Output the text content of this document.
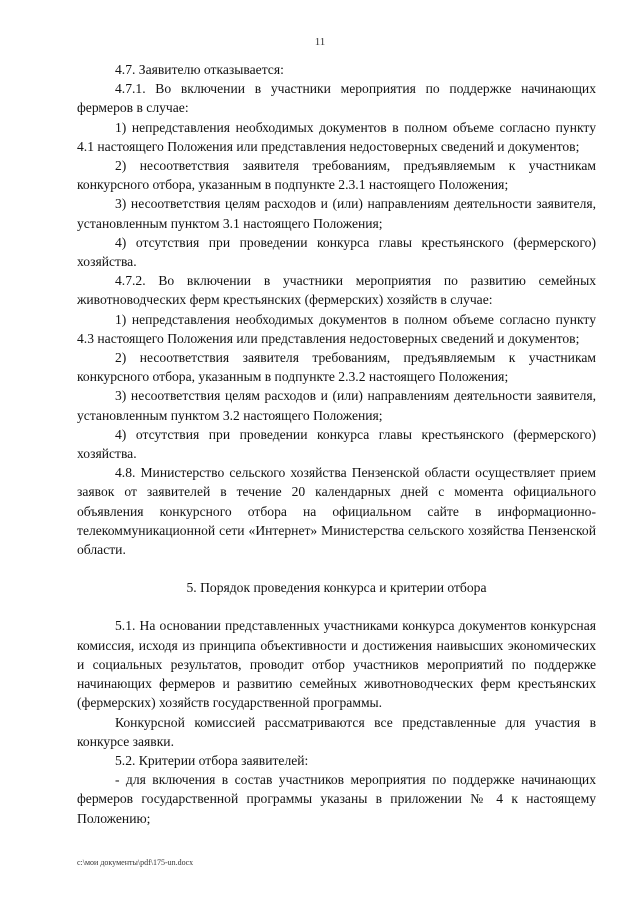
11

4.7. Заявителю отказывается:

4.7.1. Во включении в участники мероприятия по поддержке начинающих фермеров в случае:

1) непредставления необходимых документов в полном объеме согласно пункту 4.1 настоящего Положения или представления недостоверных сведений и документов;

2) несоответствия заявителя требованиям, предъявляемым к участникам конкурсного отбора, указанным в подпункте 2.3.1 настоящего Положения;

3) несоответствия целям расходов и (или) направлениям деятельности заявителя, установленным пунктом 3.1 настоящего Положения;

4) отсутствия при проведении конкурса главы крестьянского (фермерского) хозяйства.

4.7.2. Во включении в участники мероприятия по развитию семейных животноводческих ферм крестьянских (фермерских) хозяйств в случае:

1) непредставления необходимых документов в полном объеме согласно пункту 4.3 настоящего Положения или представления недостоверных сведений и документов;

2) несоответствия заявителя требованиям, предъявляемым к участникам конкурсного отбора, указанным в подпункте 2.3.2 настоящего Положения;

3) несоответствия целям расходов и (или) направлениям деятельности заявителя, установленным пунктом 3.2 настоящего Положения;

4) отсутствия при проведении конкурса главы крестьянского (фермерского) хозяйства.

4.8. Министерство сельского хозяйства Пензенской области осуществляет прием заявок от заявителей в течение 20 календарных дней с момента официального объявления конкурсного отбора на официальном сайте в информационно-телекоммуникационной сети «Интернет» Министерства сельского хозяйства Пензенской области.

5. Порядок проведения конкурса и критерии отбора

5.1. На основании представленных участниками конкурса документов конкурсная комиссия, исходя из принципа объективности и достижения наивысших экономических и социальных результатов, проводит отбор участников мероприятий по поддержке начинающих фермеров и развитию семейных животноводческих ферм крестьянских (фермерских) хозяйств государственной программы.

Конкурсной комиссией рассматриваются все представленные для участия в конкурсе заявки.

5.2. Критерии отбора заявителей:

- для включения в состав участников мероприятия по поддержке начинающих фермеров государственной программы указаны в приложении № 4 к настоящему Положению;

c:\мои документы\pdf\175-un.docx
